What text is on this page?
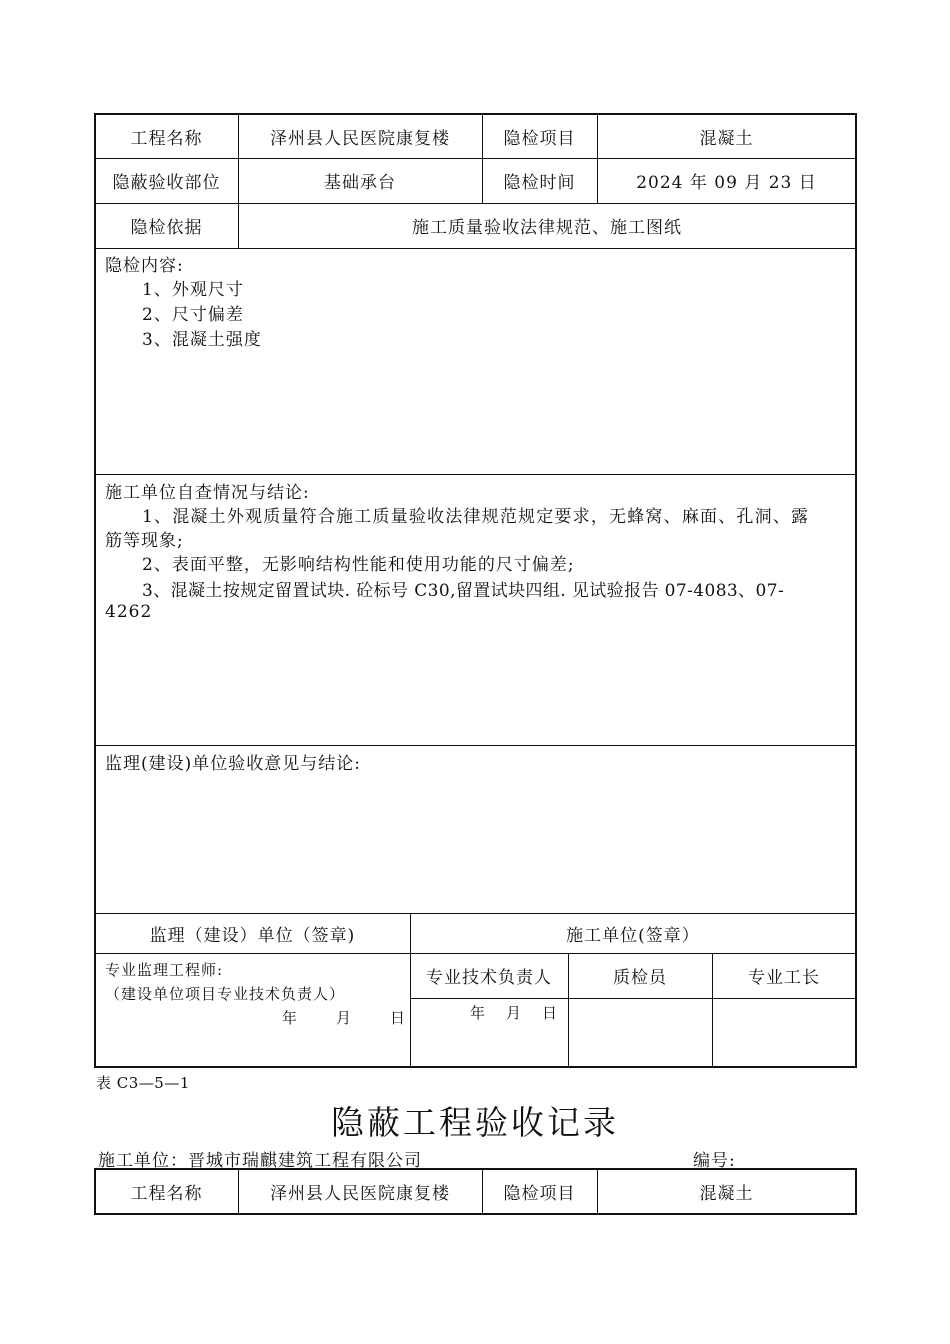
工程名称	泽州县人民医院康复楼	隐检项目	混凝土
隐蔽验收部位	基础承台	隐检时间	2024 年 09 月 23 日
隐检依据	施工质量验收法律规范、施工图纸
隐检内容:
1、外观尺寸
2、尺寸偏差
3、混凝土强度
施工单位自查情况与结论:
1、混凝土外观质量符合施工质量验收法律规范规定要求，无蜂窝、麻面、孔洞、露
筋等现象;
2、表面平整，无影响结构性能和使用功能的尺寸偏差;
3、混凝土按规定留置试块. 砼标号 C30,留置试块四组. 见试验报告 07-4083、07-
4262
监理(建设)单位验收意见与结论:
监理（建设）单位（签章)	施工单位(签章）
专业监理工程师:
（建设单位项目专业技术负责人）
年　　月　　日
专业技术负责人	质检员	专业工长
年　月　日
表 C3—5—1
隐蔽工程验收记录
施工单位：晋城市瑞麒建筑工程有限公司	编号:
工程名称	泽州县人民医院康复楼	隐检项目	混凝土
